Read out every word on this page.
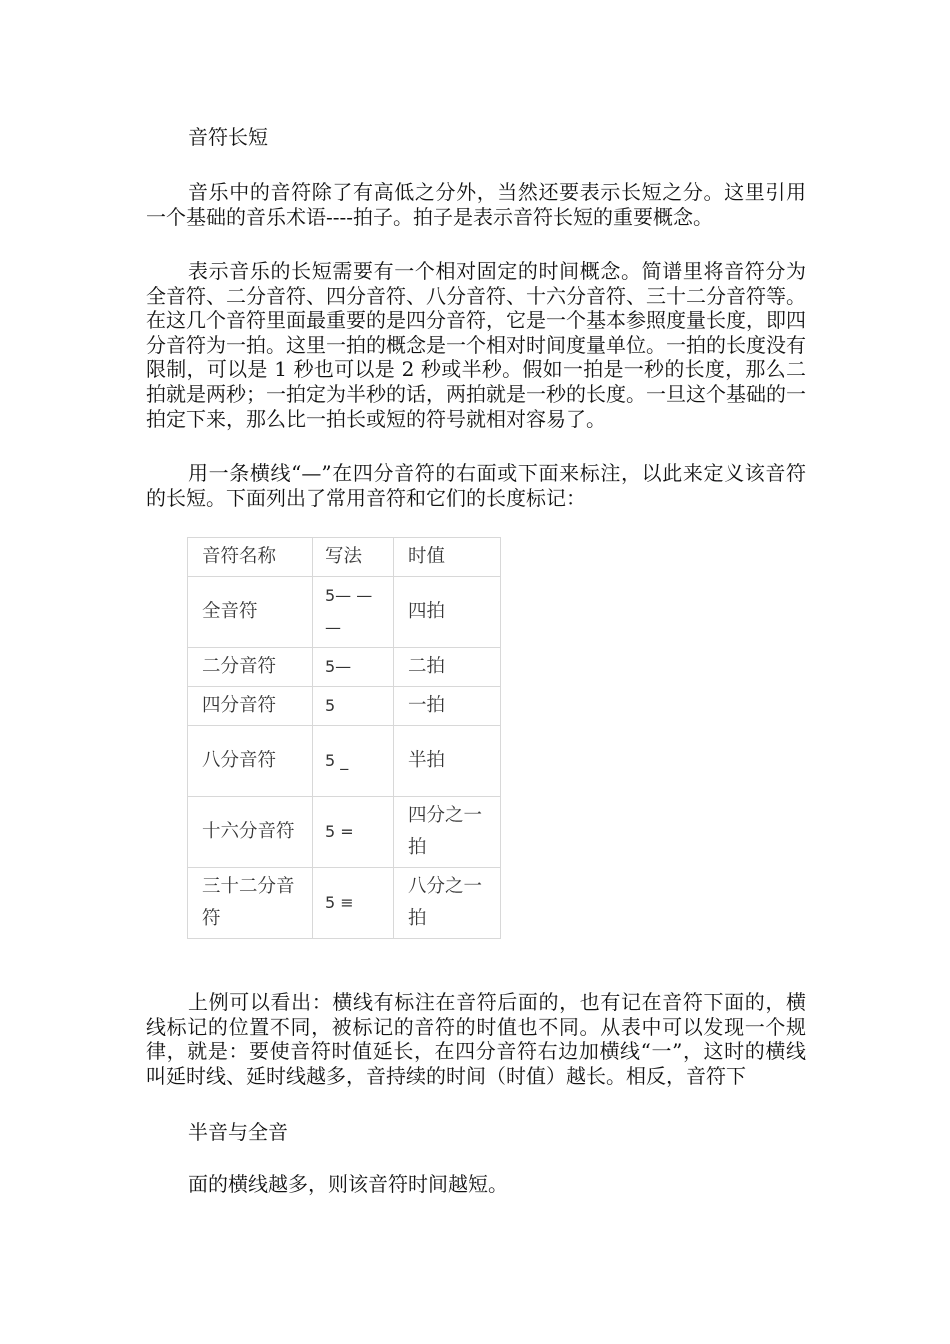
音符长短

音乐中的音符除了有高低之分外，当然还要表示长短之分。这里引用一个基础的音乐术语----拍子。拍子是表示音符长短的重要概念。

表示音乐的长短需要有一个相对固定的时间概念。简谱里将音符分为全音符、二分音符、四分音符、八分音符、十六分音符、三十二分音符等。在这几个音符里面最重要的是四分音符，它是一个基本参照度量长度，即四分音符为一拍。这里一拍的概念是一个相对时间度量单位。一拍的长度没有限制，可以是 1 秒也可以是 2 秒或半秒。假如一拍是一秒的长度，那么二拍就是两秒；一拍定为半秒的话，两拍就是一秒的长度。一旦这个基础的一拍定下来，那么比一拍长或短的符号就相对容易了。

用一条横线“—”在四分音符的右面或下面来标注，以此来定义该音符的长短。下面列出了常用音符和它们的长度标记：

音符名称	写法	时值
全音符	5— — —	四拍
二分音符	5—	二拍
四分音符	5	一拍
八分音符	5 _	半拍
十六分音符	5 =	四分之一拍
三十二分音符	5 ≡	八分之一拍

上例可以看出：横线有标注在音符后面的，也有记在音符下面的，横线标记的位置不同，被标记的音符的时值也不同。从表中可以发现一个规律，就是：要使音符时值延长，在四分音符右边加横线“一”，这时的横线叫延时线、延时线越多，音持续的时间（时值）越长。相反，音符下

半音与全音

面的横线越多，则该音符时间越短。
